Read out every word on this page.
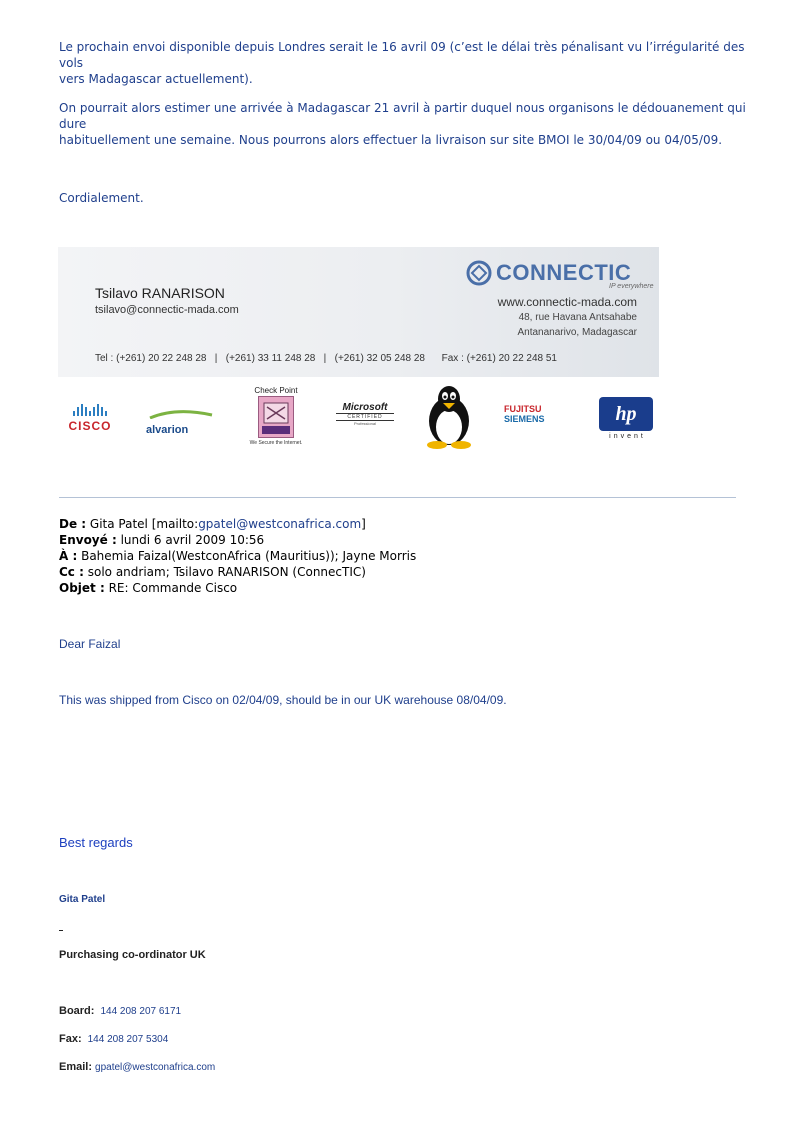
Le prochain envoi disponible depuis Londres serait le 16 avril 09 (c’est le délai très pénalisant vu l’irrégularité des vols
vers Madagascar actuellement).

On pourrait alors estimer une arrivée à Madagascar 21 avril à partir duquel nous organisons le dédouanement qui dure
habituellement une semaine. Nous pourrons alors effectuer la livraison sur site BMOI le 30/04/09 ou 04/05/09.

Cordialement.

Tsilavo RANARISON
tsilavo@connectic-mada.com
CONNECTIC
IP everywhere
www.connectic-mada.com
48, rue Havana Antsahabe
Antananarivo, Madagascar
Tel : (+261) 20 22 248 28   |   (+261) 33 11 248 28   |   (+261) 32 05 248 28      Fax : (+261) 20 22 248 51
CISCO	alvarion
Check Point
We Secure the Internet.
Microsoft
CERTIFIED
Professional
FUJITSU
SIEMENS	hp
invent

De : Gita Patel [mailto:gpatel@westconafrica.com]

Envoyé : lundi 6 avril 2009 10:56

À : Bahemia Faizal(WestconAfrica (Mauritius)); Jayne Morris

Cc : solo andriam; Tsilavo RANARISON (ConnecTIC)

Objet : RE: Commande Cisco

Dear Faizal

This was shipped from Cisco on 02/04/09, should be in our UK warehouse 08/04/09.

Best regards

Gita Patel

Purchasing co-ordinator UK

Board: 144 208 207 6171

Fax: 144 208 207 5304

Email: gpatel@westconafrica.com
